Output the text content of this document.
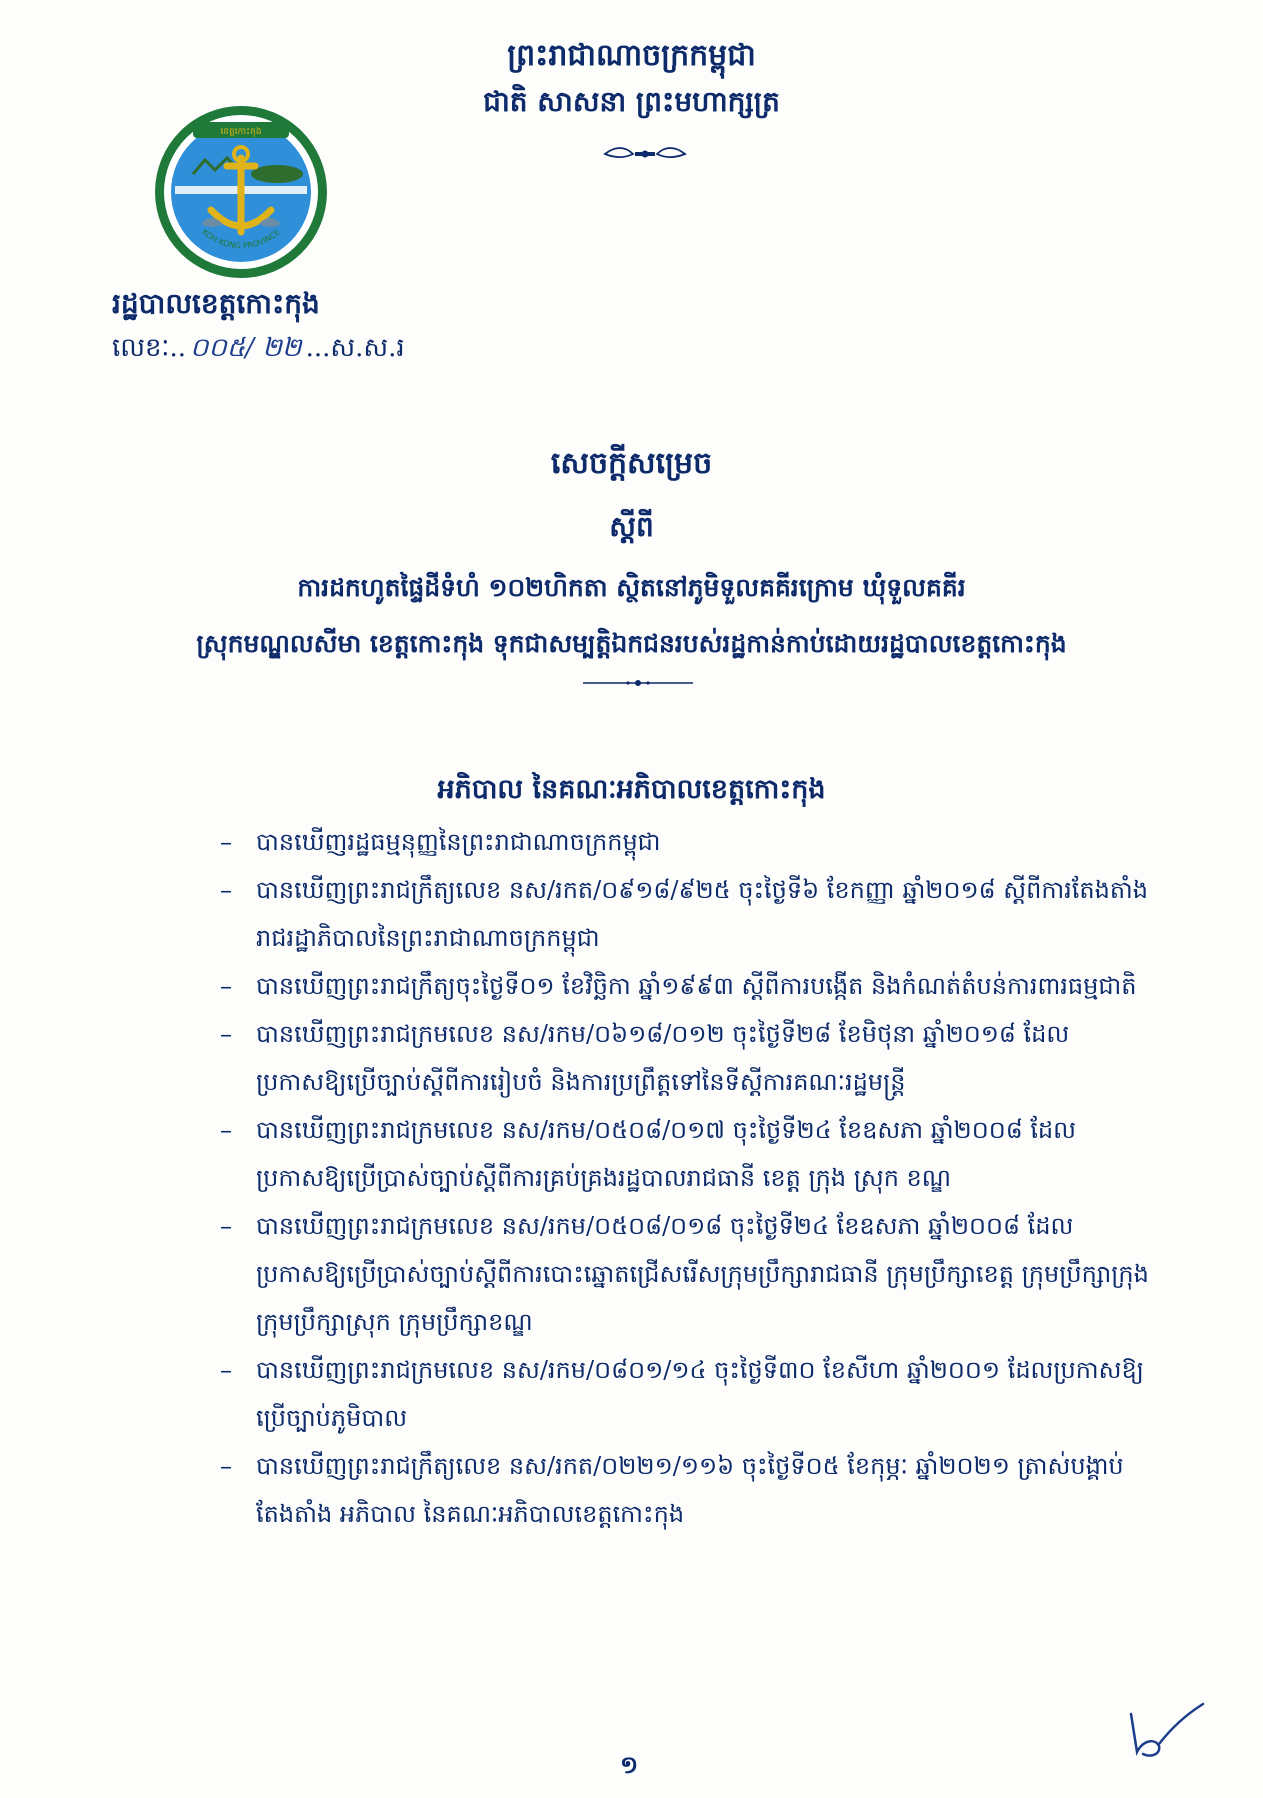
ព្រះរាជាណាចក្រកម្ពុជា
ជាតិ សាសនា ព្រះមហាក្សត្រ
ខេត្តកោះកុង
KOH KONG PROVINCE
រដ្ឋបាលខេត្តកោះកុង
លេខៈ.. ០០៥/ ២២ ...ស.ស.រ
សេចក្តីសម្រេច
ស្តីពី
ការដកហូតផ្ទៃដីទំហំ ១០២ហិកតា ស្ថិតនៅភូមិទួលគគីរក្រោម ឃុំទួលគគីរ
ស្រុកមណ្ឌលសីមា ខេត្តកោះកុង ទុកជាសម្បត្តិឯកជនរបស់រដ្ឋកាន់កាប់ដោយរដ្ឋបាលខេត្តកោះកុង
អភិបាល នៃគណៈអភិបាលខេត្តកោះកុង
– បានឃើញរដ្ឋធម្មនុញ្ញនៃព្រះរាជាណាចក្រកម្ពុជា
– បានឃើញព្រះរាជក្រឹត្យលេខ នស/រកត/០៩១៨/៩២៥ ចុះថ្ងៃទី៦ ខែកញ្ញា ឆ្នាំ២០១៨ ស្តីពីការតែងតាំងរាជរដ្ឋាភិបាលនៃព្រះរាជាណាចក្រកម្ពុជា
– បានឃើញព្រះរាជក្រឹត្យចុះថ្ងៃទី០១ ខែវិច្ឆិកា ឆ្នាំ១៩៩៣ ស្តីពីការបង្កើត និងកំណត់តំបន់ការពារធម្មជាតិ
– បានឃើញព្រះរាជក្រមលេខ នស/រកម/០៦១៨/០១២ ចុះថ្ងៃទី២៨ ខែមិថុនា ឆ្នាំ២០១៨ ដែលប្រកាសឱ្យប្រើច្បាប់ស្តីពីការរៀបចំ និងការប្រព្រឹត្តទៅនៃទីស្តីការគណៈរដ្ឋមន្ត្រី
– បានឃើញព្រះរាជក្រមលេខ នស/រកម/០៥០៨/០១៧ ចុះថ្ងៃទី២៤ ខែឧសភា ឆ្នាំ២០០៨ ដែលប្រកាសឱ្យប្រើប្រាស់ច្បាប់ស្តីពីការគ្រប់គ្រងរដ្ឋបាលរាជធានី ខេត្ត ក្រុង ស្រុក ខណ្ឌ
– បានឃើញព្រះរាជក្រមលេខ នស/រកម/០៥០៨/០១៨ ចុះថ្ងៃទី២៤ ខែឧសភា ឆ្នាំ២០០៨ ដែលប្រកាសឱ្យប្រើប្រាស់ច្បាប់ស្តីពីការបោះឆ្នោតជ្រើសរើសក្រុមប្រឹក្សារាជធានី ក្រុមប្រឹក្សាខេត្ត ក្រុមប្រឹក្សាក្រុង ក្រុមប្រឹក្សាស្រុក ក្រុមប្រឹក្សាខណ្ឌ
– បានឃើញព្រះរាជក្រមលេខ នស/រកម/០៨០១/១៤ ចុះថ្ងៃទី៣០ ខែសីហា ឆ្នាំ២០០១ ដែលប្រកាសឱ្យប្រើច្បាប់ភូមិបាល
– បានឃើញព្រះរាជក្រឹត្យលេខ នស/រកត/០២២១/១១៦ ចុះថ្ងៃទី០៥ ខែកុម្ភៈ ឆ្នាំ២០២១ ត្រាស់បង្គាប់តែងតាំង អភិបាល នៃគណៈអភិបាលខេត្តកោះកុង
១
